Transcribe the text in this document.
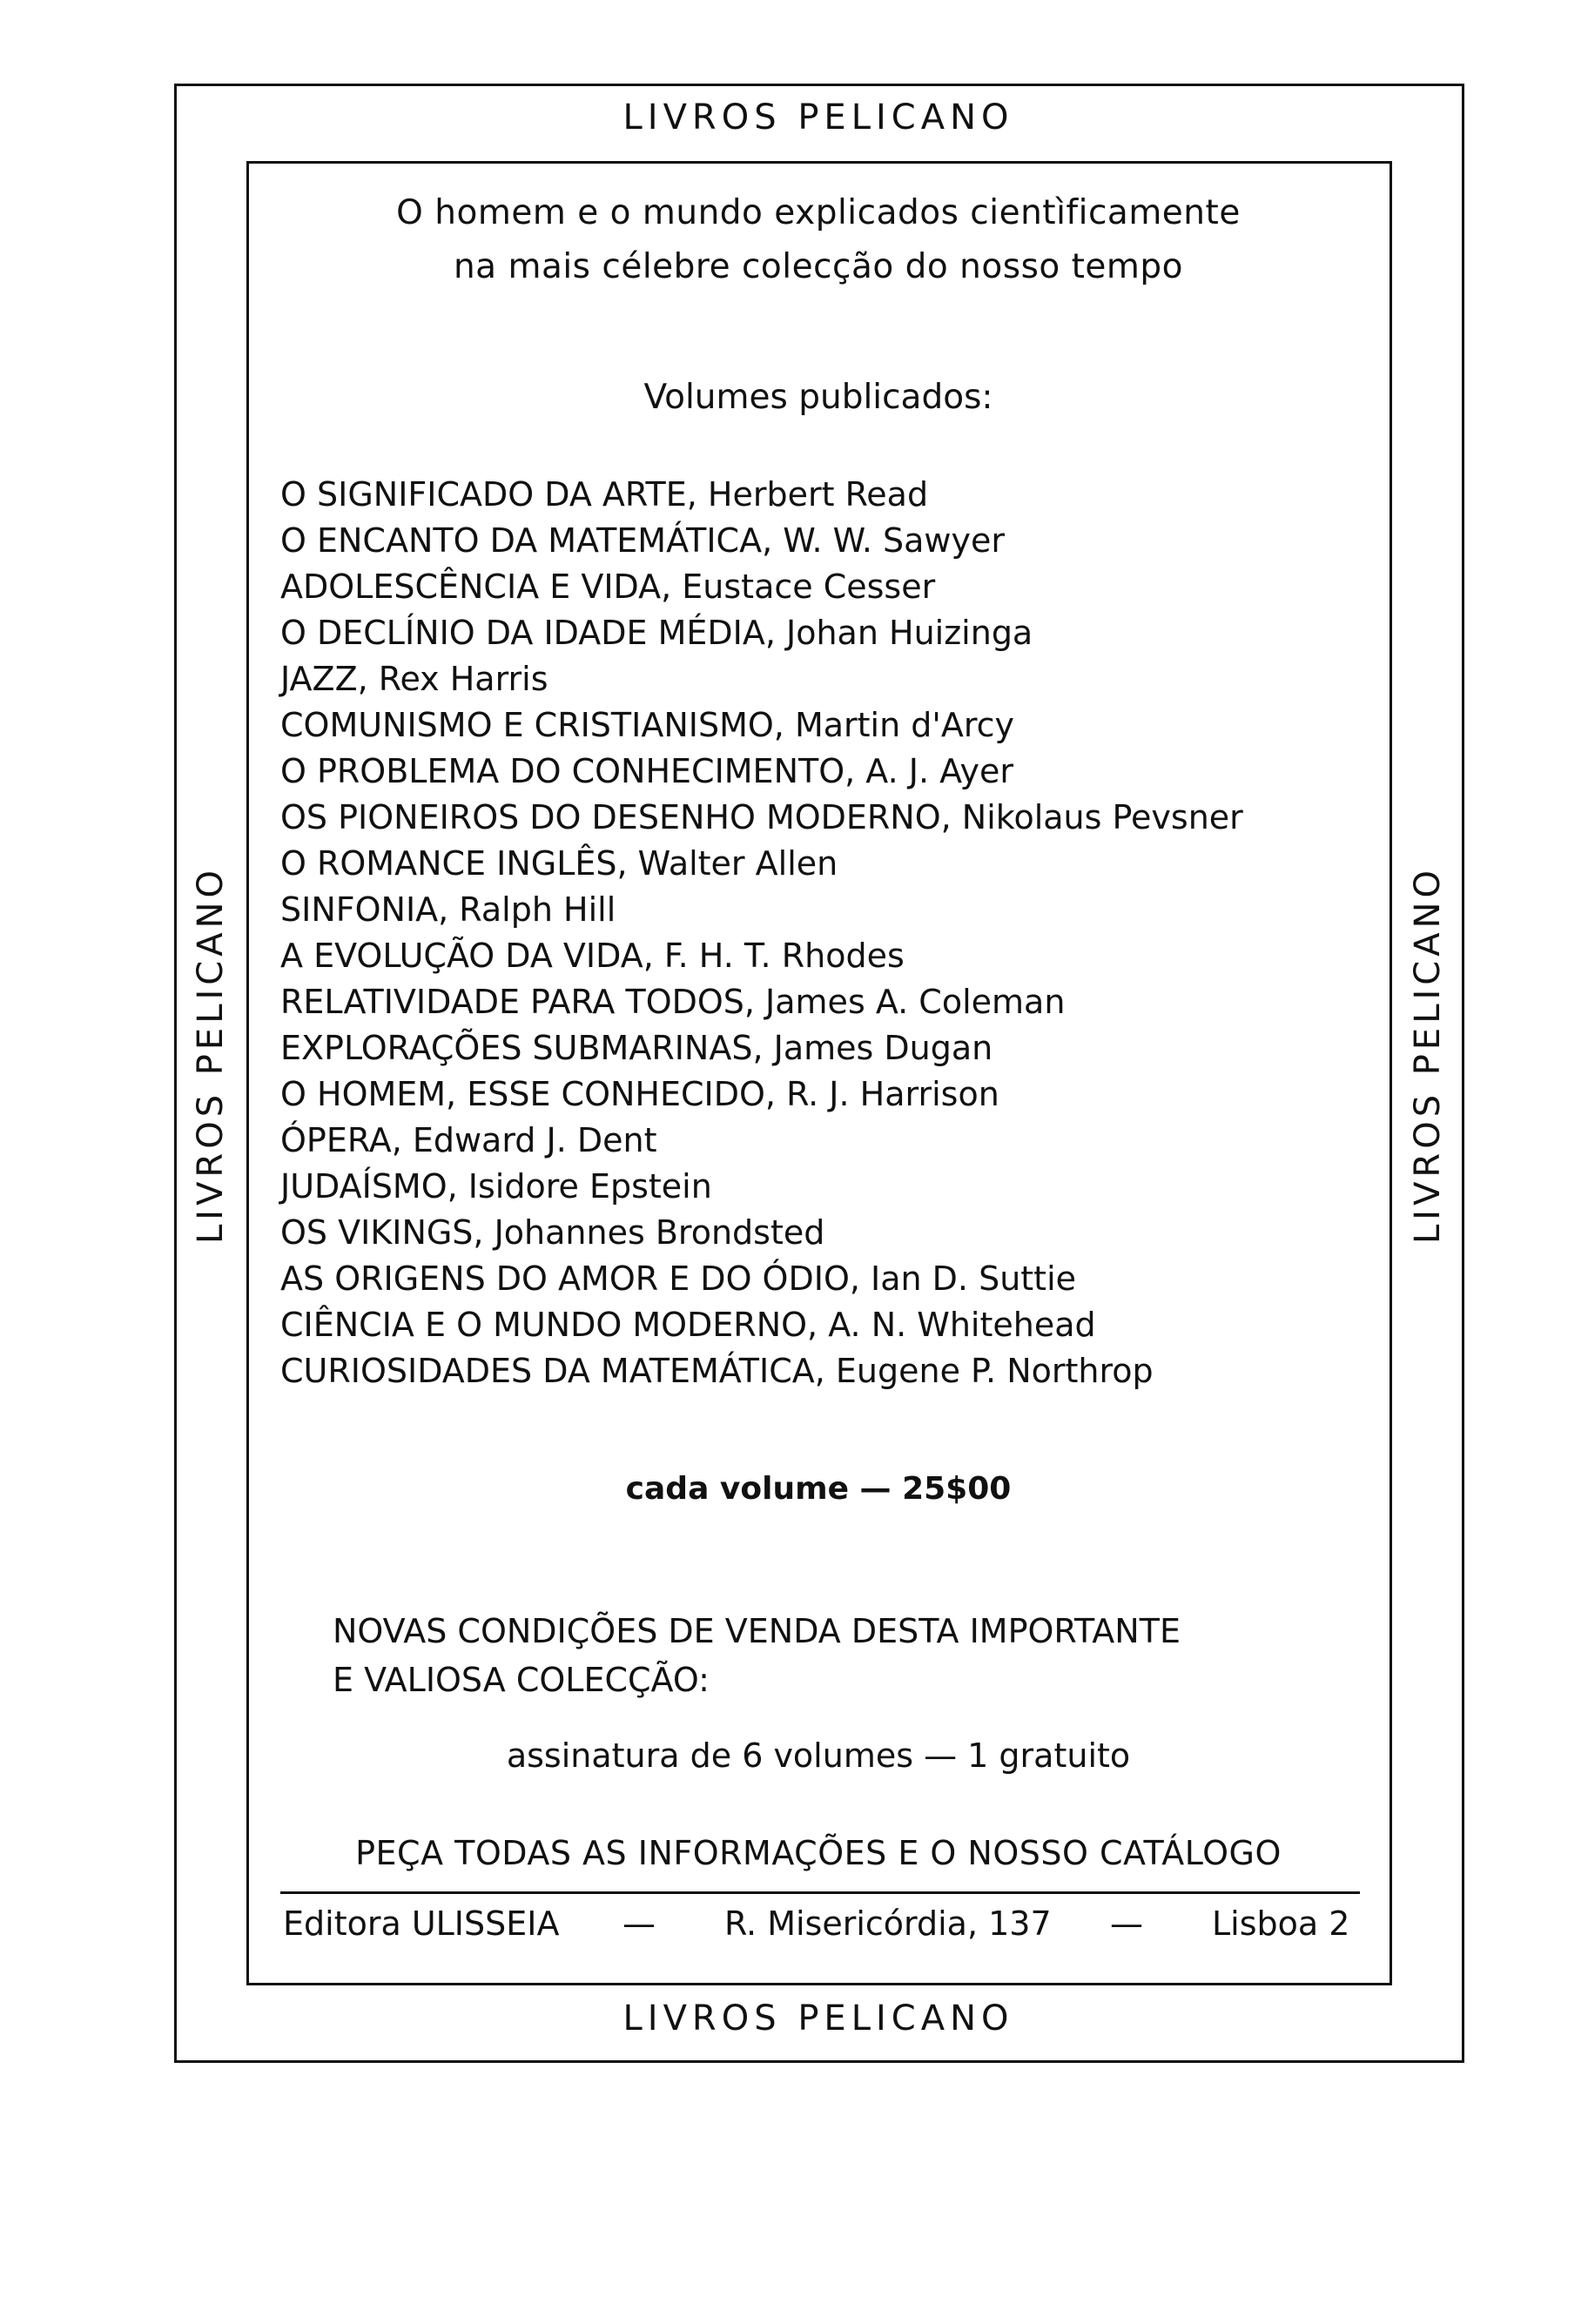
LIVROS PELICANO
LIVROS PELICANO
LIVROS PELICANO	LIVROS PELICANO
O homem e o mundo explicados cientìficamente
na mais célebre colecção do nosso tempo
Volumes publicados:
O SIGNIFICADO DA ARTE, Herbert Read
O ENCANTO DA MATEMÁTICA, W. W. Sawyer
ADOLESCÊNCIA E VIDA, Eustace Cesser
O DECLÍNIO DA IDADE MÉDIA, Johan Huizinga
JAZZ, Rex Harris
COMUNISMO E CRISTIANISMO, Martin d'Arcy
O PROBLEMA DO CONHECIMENTO, A. J. Ayer
OS PIONEIROS DO DESENHO MODERNO, Nikolaus Pevsner
O ROMANCE INGLÊS, Walter Allen
SINFONIA, Ralph Hill
A EVOLUÇÃO DA VIDA, F. H. T. Rhodes
RELATIVIDADE PARA TODOS, James A. Coleman
EXPLORAÇÕES SUBMARINAS, James Dugan
O HOMEM, ESSE CONHECIDO, R. J. Harrison
ÓPERA, Edward J. Dent
JUDAÍSMO, Isidore Epstein
OS VIKINGS, Johannes Brondsted
AS ORIGENS DO AMOR E DO ÓDIO, Ian D. Suttie
CIÊNCIA E O MUNDO MODERNO, A. N. Whitehead
CURIOSIDADES DA MATEMÁTICA, Eugene P. Northrop
cada volume — 25$00
NOVAS CONDIÇÕES DE VENDA DESTA IMPORTANTE
E VALIOSA COLECÇÃO:
assinatura de 6 volumes — 1 gratuito
PEÇA TODAS AS INFORMAÇÕES E O NOSSO CATÁLOGO
Editora ULISSEIA — R. Misericórdia, 137 — Lisboa 2
